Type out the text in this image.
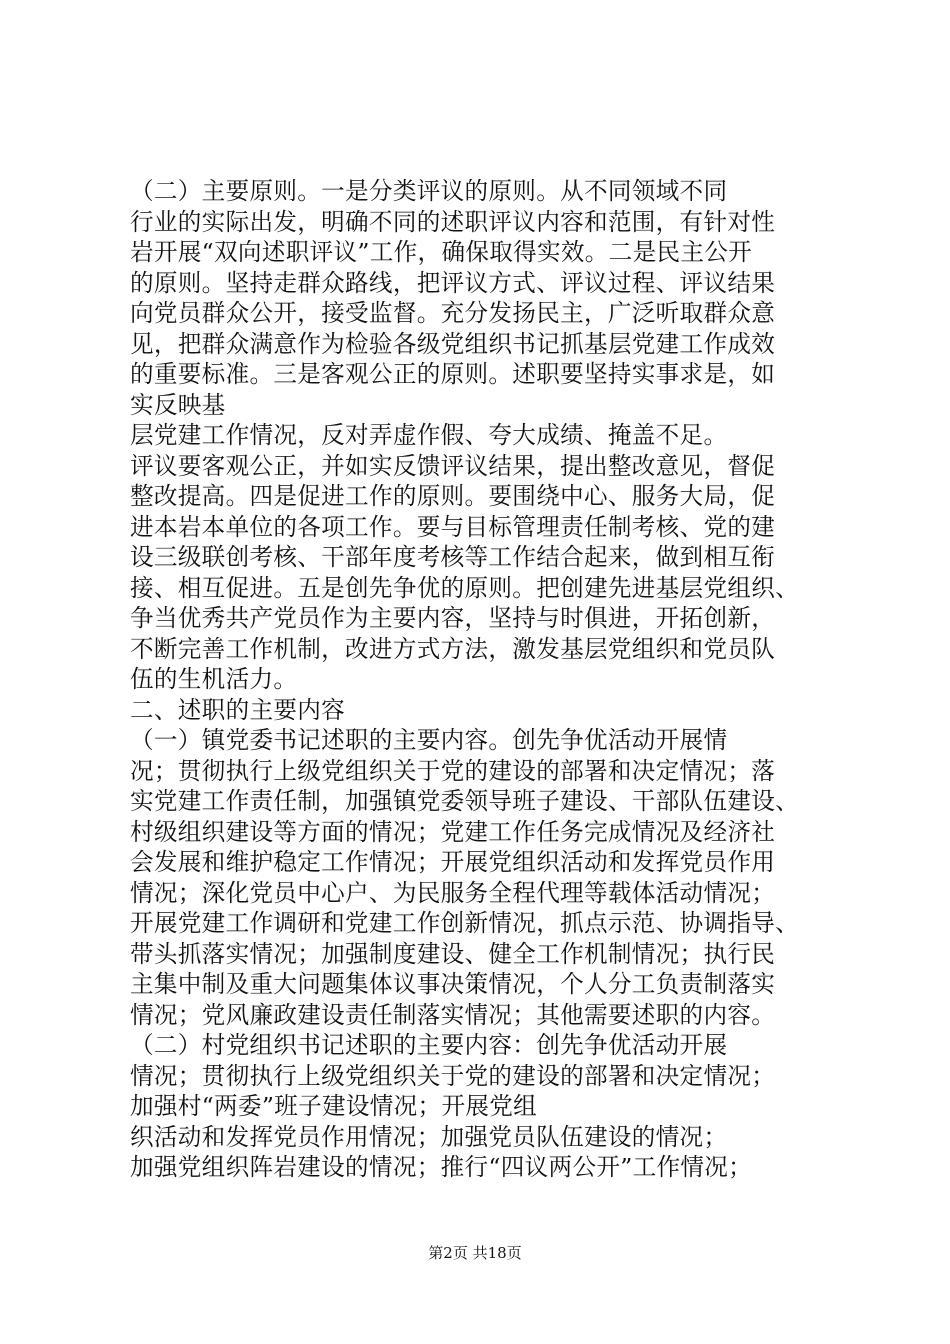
（二）主要原则。一是分类评议的原则。从不同领域不同
行业的实际出发，明确不同的述职评议内容和范围，有针对性
岩开展“双向述职评议”工作，确保取得实效。二是民主公开
的原则。坚持走群众路线，把评议方式、评议过程、评议结果
向党员群众公开，接受监督。充分发扬民主，广泛听取群众意
见，把群众满意作为检验各级党组织书记抓基层党建工作成效
的重要标准。三是客观公正的原则。述职要坚持实事求是，如
实反映基
层党建工作情况，反对弄虚作假、夸大成绩、掩盖不足。
评议要客观公正，并如实反馈评议结果，提出整改意见，督促
整改提高。四是促进工作的原则。要围绕中心、服务大局，促
进本岩本单位的各项工作。要与目标管理责任制考核、党的建
设三级联创考核、干部年度考核等工作结合起来，做到相互衔
接、相互促进。五是创先争优的原则。把创建先进基层党组织、
争当优秀共产党员作为主要内容，坚持与时俱进，开拓创新，
不断完善工作机制，改进方式方法，激发基层党组织和党员队
伍的生机活力。
二、述职的主要内容
（一）镇党委书记述职的主要内容。创先争优活动开展情
况；贯彻执行上级党组织关于党的建设的部署和决定情况；落
实党建工作责任制，加强镇党委领导班子建设、干部队伍建设、
村级组织建设等方面的情况；党建工作任务完成情况及经济社
会发展和维护稳定工作情况；开展党组织活动和发挥党员作用
情况；深化党员中心户、为民服务全程代理等载体活动情况；
开展党建工作调研和党建工作创新情况，抓点示范、协调指导、
带头抓落实情况；加强制度建设、健全工作机制情况；执行民
主集中制及重大问题集体议事决策情况，个人分工负责制落实
情况；党风廉政建设责任制落实情况；其他需要述职的内容。
（二）村党组织书记述职的主要内容：创先争优活动开展
情况；贯彻执行上级党组织关于党的建设的部署和决定情况；
加强村“两委”班子建设情况；开展党组
织活动和发挥党员作用情况；加强党员队伍建设的情况；
加强党组织阵岩建设的情况；推行“四议两公开”工作情况；
第2页 共18页
